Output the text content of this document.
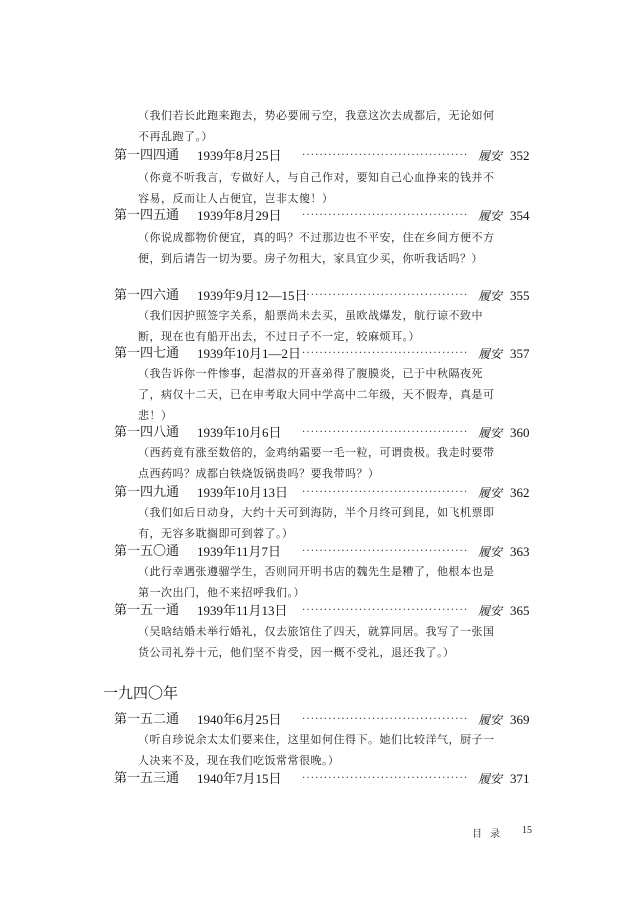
（我们若长此跑来跑去，势必要闹亏空，我意这次去成都后，无论如何不再乱跑了。）
第一四四通 1939年8月25日 ······································ 履安 352
（你竟不听我言，专做好人，与自己作对，要知自己心血挣来的钱并不容易，反而让人占便宜，岂非太傻！）
第一四五通 1939年8月29日 ······································ 履安 354
（你说成都物价便宜，真的吗？不过那边也不平安，住在乡间方便不方便，到后请告一切为要。房子勿租大，家具宜少买，你听我话吗？）
第一四六通 1939年9月12—15日
······································ 履安 355
（我们因护照签字关系，船票尚未去买，虽欧战爆发，航行谅不致中断，现在也有船开出去，不过日子不一定，较麻烦耳。）
第一四七通 1939年10月1—2日 ······································ 履安 357
（我告诉你一件惨事，起潜叔的开喜弟得了腹膜炎，已于中秋隔夜死了，病仅十二天，已在申考取大同中学高中二年级，天不假寿，真是可悲！）
第一四八通 1939年10月6日 ······································ 履安 360
（西药竟有涨至数倍的，金鸡纳霜要一毛一粒，可谓贵极。我走时要带点西药吗？成都白铁烧饭锅贵吗？要我带吗？）
第一四九通 1939年10月13日 ······································ 履安 362
（我们如后日动身，大约十天可到海防，半个月终可到昆，如飞机票即有，无容多耽搁即可到蓉了。）
第一五〇通 1939年11月7日 ······································ 履安 363
（此行幸遇张遵骝学生，否则同开明书店的魏先生是糟了，他根本也是第一次出门，他不来招呼我们。）
第一五一通 1939年11月13日 ······································ 履安 365
（吴晗结婚未举行婚礼，仅去旅馆住了四天，就算同居。我写了一张国货公司礼券十元，他们坚不肯受，因一概不受礼，退还我了。）
一九四〇年
第一五二通 1940年6月25日 ······································ 履安 369
（听自珍说余太太们要来住，这里如何住得下。她们比较洋气，厨子一人决来不及，现在我们吃饭常常很晚。）
第一五三通 1940年7月15日 ······································ 履安 371
目录 15
